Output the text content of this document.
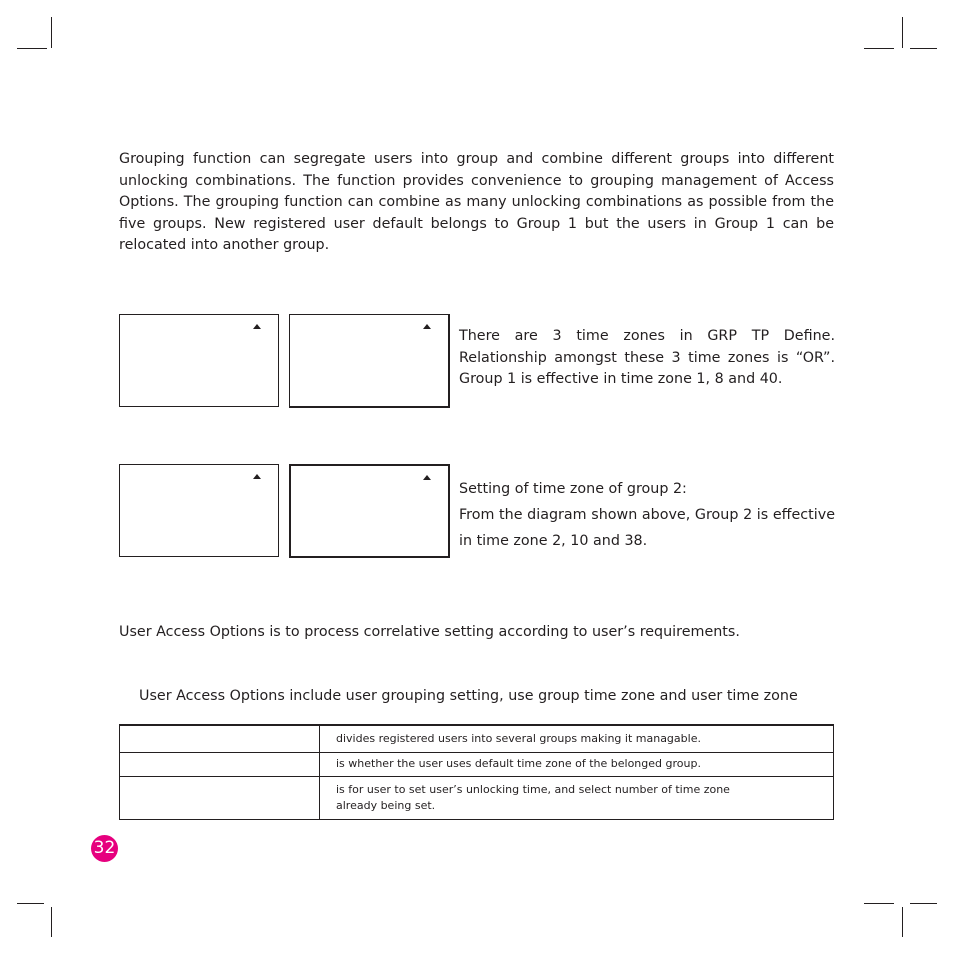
Grouping function can segregate users into group and combine different groups into different unlocking combinations. The function provides convenience to grouping management of Access Options. The grouping function can combine as many unlocking combinations as possible from the five groups. New registered user default belongs to Group 1 but the users in Group 1 can be relocated into another group.

There are 3 time zones in GRP TP Define. Relationship amongst these 3 time zones is “OR”. Group 1 is effective in time zone 1, 8 and 40.

Setting of time zone of group 2:

From the diagram shown above, Group 2 is effective in time zone 2, 10 and 38.

User Access Options is to process correlative setting according to user’s requirements.

User Access Options include user grouping setting, use group time zone and user time zone

	divides registered users into several groups making it managable.
	is whether the user uses default time zone of the belonged group.

	is for user to set user’s unlocking time, and select number of time zone
already being set.
32
